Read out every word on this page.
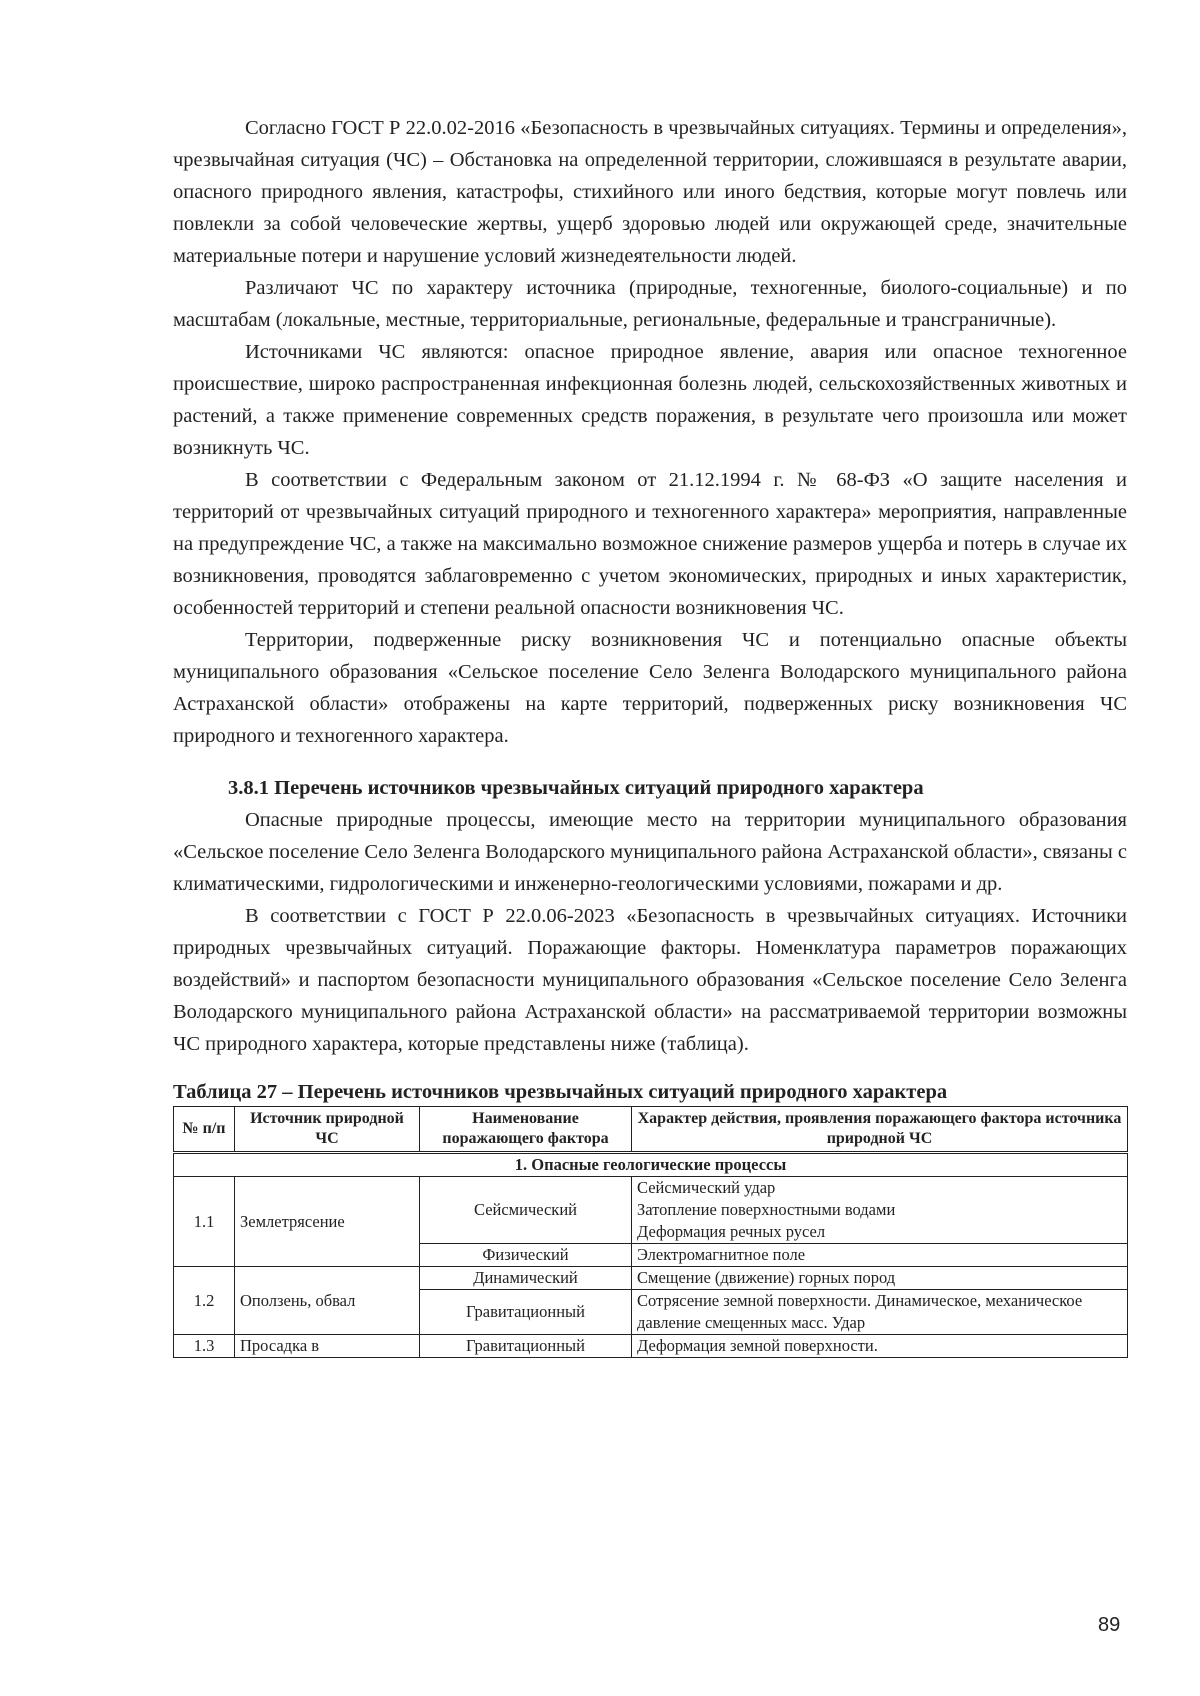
Согласно ГОСТ Р 22.0.02-2016 «Безопасность в чрезвычайных ситуациях. Термины и определения», чрезвычайная ситуация (ЧС) – Обстановка на определенной территории, сложившаяся в результате аварии, опасного природного явления, катастрофы, стихийного или иного бедствия, которые могут повлечь или повлекли за собой человеческие жертвы, ущерб здоровью людей или окружающей среде, значительные материальные потери и нарушение условий жизнедеятельности людей.

Различают ЧС по характеру источника (природные, техногенные, биолого-социальные) и по масштабам (локальные, местные, территориальные, региональные, федеральные и трансграничные).

Источниками ЧС являются: опасное природное явление, авария или опасное техногенное происшествие, широко распространенная инфекционная болезнь людей, сельскохозяйственных животных и растений, а также применение современных средств поражения, в результате чего произошла или может возникнуть ЧС.

В соответствии с Федеральным законом от 21.12.1994 г. № 68-ФЗ «О защите населения и территорий от чрезвычайных ситуаций природного и техногенного характера» мероприятия, направленные на предупреждение ЧС, а также на максимально возможное снижение размеров ущерба и потерь в случае их возникновения, проводятся заблаговременно с учетом экономических, природных и иных характеристик, особенностей территорий и степени реальной опасности возникновения ЧС.

Территории, подверженные риску возникновения ЧС и потенциально опасные объекты муниципального образования «Сельское поселение Село Зеленга Володарского муниципального района Астраханской области» отображены на карте территорий, подверженных риску возникновения ЧС природного и техногенного характера.

3.8.1 Перечень источников чрезвычайных ситуаций природного характера

Опасные природные процессы, имеющие место на территории муниципального образования «Сельское поселение Село Зеленга Володарского муниципального района Астраханской области», связаны с климатическими, гидрологическими и инженерно-геологическими условиями, пожарами и др.

В соответствии с ГОСТ Р 22.0.06-2023 «Безопасность в чрезвычайных ситуациях. Источники природных чрезвычайных ситуаций. Поражающие факторы. Номенклатура параметров поражающих воздействий» и паспортом безопасности муниципального образования «Сельское поселение Село Зеленга Володарского муниципального района Астраханской области» на рассматриваемой территории возможны ЧС природного характера, которые представлены ниже (таблица).

Таблица 27 – Перечень источников чрезвычайных ситуаций природного характера
№ п/п	Источник природной ЧС	Наименование поражающего фактора	Характер действия, проявления поражающего фактора источника природной ЧС
1. Опасные геологические процессы			
1.1	Землетрясение	Сейсмический	Сейсмический удар
Затопление поверхностными водами
Деформация речных русел

		Физический	Электромагнитное поле
1.2	Оползень, обвал	Динамический	Смещение (движение) горных пород
		Гравитационный	Сотрясение земной поверхности. Динамическое, механическое давление смещенных масс. Удар
1.3	Просадка в	Гравитационный	Деформация земной поверхности.
89
